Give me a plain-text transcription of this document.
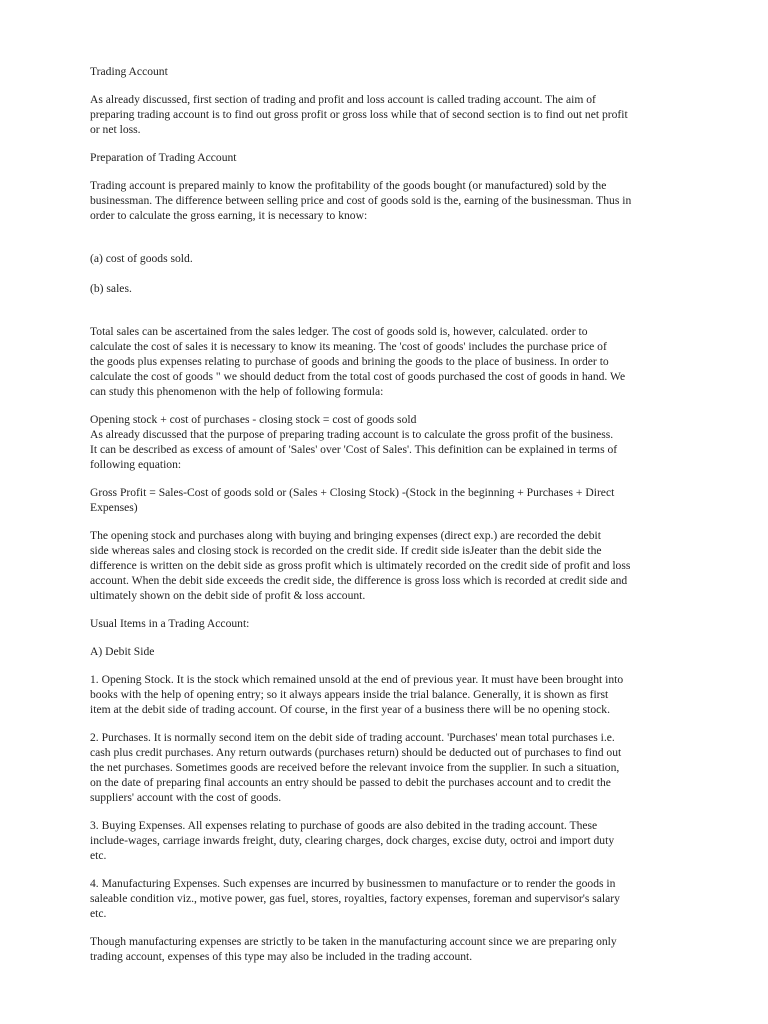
Trading Account

As already discussed, first section of trading and profit and loss account is called trading account. The aim of
preparing trading account is to find out gross profit or gross loss while that of second section is to find out net profit
or net loss.

Preparation of Trading Account

Trading account is prepared mainly to know the profitability of the goods bought (or manufactured) sold by the
businessman. The difference between selling price and cost of goods sold is the, earning of the businessman. Thus in
order to calculate the gross earning, it is necessary to know:

(a) cost of goods sold.

(b) sales.

Total sales can be ascertained from the sales ledger. The cost of goods sold is, however, calculated. order to
calculate the cost of sales it is necessary to know its meaning. The 'cost of goods' includes the purchase price of
the goods plus expenses relating to purchase of goods and brining the goods to the place of business. In order to
calculate the cost of goods " we should deduct from the total cost of goods purchased the cost of goods in hand. We
can study this phenomenon with the help of following formula:

Opening stock + cost of purchases - closing stock = cost of goods sold

As already discussed that the purpose of preparing trading account is to calculate the gross profit of the business.
It can be described as excess of amount of 'Sales' over 'Cost of Sales'. This definition can be explained in terms of
following equation:

Gross Profit = Sales-Cost of goods sold or (Sales + Closing Stock) -(Stock in the beginning + Purchases + Direct
Expenses)

The opening stock and purchases along with buying and bringing expenses (direct exp.) are recorded the debit
side whereas sales and closing stock is recorded on the credit side. If credit side isJeater than the debit side the
difference is written on the debit side as gross profit which is ultimately recorded on the credit side of profit and loss
account. When the debit side exceeds the credit side, the difference is gross loss which is recorded at credit side and
ultimately shown on the debit side of profit & loss account.

Usual Items in a Trading Account:

A) Debit Side

1. Opening Stock. It is the stock which remained unsold at the end of previous year. It must have been brought into
books with the help of opening entry; so it always appears inside the trial balance. Generally, it is shown as first
item at the debit side of trading account. Of course, in the first year of a business there will be no opening stock.

2. Purchases. It is normally second item on the debit side of trading account. 'Purchases' mean total purchases i.e.
cash plus credit purchases. Any return outwards (purchases return) should be deducted out of purchases to find out
the net purchases. Sometimes goods are received before the relevant invoice from the supplier. In such a situation,
on the date of preparing final accounts an entry should be passed to debit the purchases account and to credit the
suppliers' account with the cost of goods.

3. Buying Expenses. All expenses relating to purchase of goods are also debited in the trading account. These
include-wages, carriage inwards freight, duty, clearing charges, dock charges, excise duty, octroi and import duty
etc.

4. Manufacturing Expenses. Such expenses are incurred by businessmen to manufacture or to render the goods in
saleable condition viz., motive power, gas fuel, stores, royalties, factory expenses, foreman and supervisor's salary
etc.

Though manufacturing expenses are strictly to be taken in the manufacturing account since we are preparing only
trading account, expenses of this type may also be included in the trading account.
